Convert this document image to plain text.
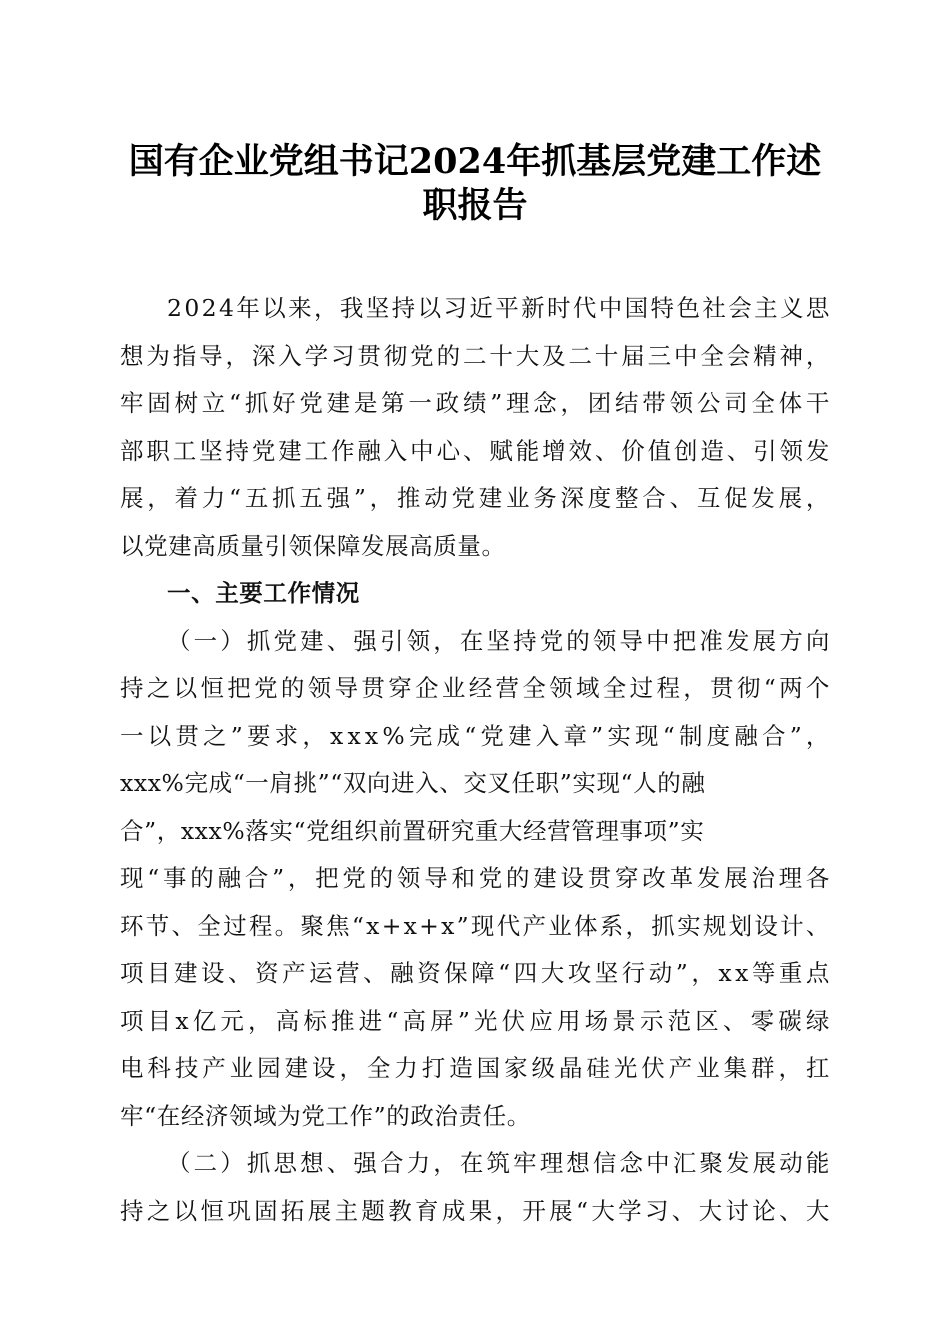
国有企业党组书记2024年抓基层党建工作述
职报告
2024年以来，我坚持以习近平新时代中国特色社会主义思
想为指导，深入学习贯彻党的二十大及二十届三中全会精神，
牢固树立“抓好党建是第一政绩”理念，团结带领公司全体干
部职工坚持党建工作融入中心、赋能增效、价值创造、引领发
展，着力“五抓五强”，推动党建业务深度整合、互促发展，
以党建高质量引领保障发展高质量。
一、主要工作情况
（一）抓党建、强引领，在坚持党的领导中把准发展方向
持之以恒把党的领导贯穿企业经营全领域全过程，贯彻“两个
一以贯之”要求，xxx%完成“党建入章”实现“制度融合”，
xxx%完成“一肩挑”“双向进入、交叉任职”实现“人的融
合”，xxx%落实“党组织前置研究重大经营管理事项”实
现“事的融合”，把党的领导和党的建设贯穿改革发展治理各
环节、全过程。聚焦“x+x+x”现代产业体系，抓实规划设计、
项目建设、资产运营、融资保障“四大攻坚行动”，xx等重点
项目x亿元，高标推进“高屏”光伏应用场景示范区、零碳绿
电科技产业园建设，全力打造国家级晶硅光伏产业集群，扛
牢“在经济领域为党工作”的政治责任。
（二）抓思想、强合力，在筑牢理想信念中汇聚发展动能
持之以恒巩固拓展主题教育成果，开展“大学习、大讨论、大
